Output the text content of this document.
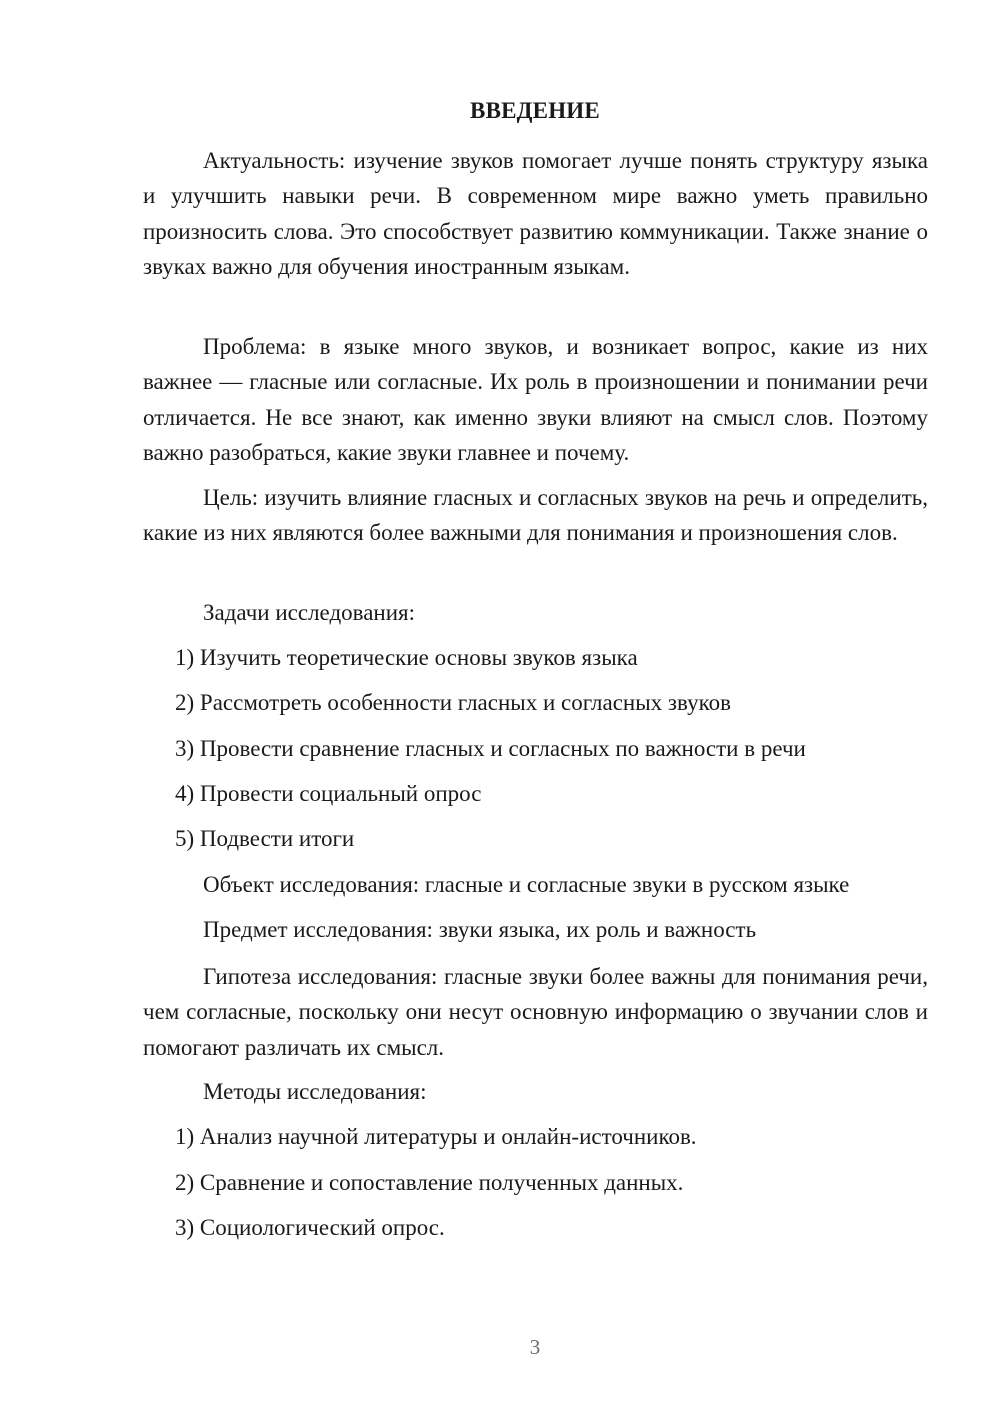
ВВЕДЕНИЕ

Актуальность: изучение звуков помогает лучше понять структуру языка и улучшить навыки речи. В современном мире важно уметь правильно произносить слова. Это способствует развитию коммуникации. Также знание о звуках важно для обучения иностранным языкам.

Проблема: в языке много звуков, и возникает вопрос, какие из них важнее — гласные или согласные. Их роль в произношении и понимании речи отличается. Не все знают, как именно звуки влияют на смысл слов. Поэтому важно разобраться, какие звуки главнее и почему.

Цель: изучить влияние гласных и согласных звуков на речь и определить, какие из них являются более важными для понимания и произношения слов.

Задачи исследования:
1) Изучить теоретические основы звуков языка
2) Рассмотреть особенности гласных и согласных звуков
3) Провести сравнение гласных и согласных по важности в речи
4) Провести социальный опрос
5) Подвести итоги
Объект исследования: гласные и согласные звуки в русском языке
Предмет исследования: звуки языка, их роль и важность

Гипотеза исследования: гласные звуки более важны для понимания речи, чем согласные, поскольку они несут основную информацию о звучании слов и помогают различать их смысл.

Методы исследования:
1) Анализ научной литературы и онлайн-источников.
2) Сравнение и сопоставление полученных данных.
3) Социологический опрос.
3
